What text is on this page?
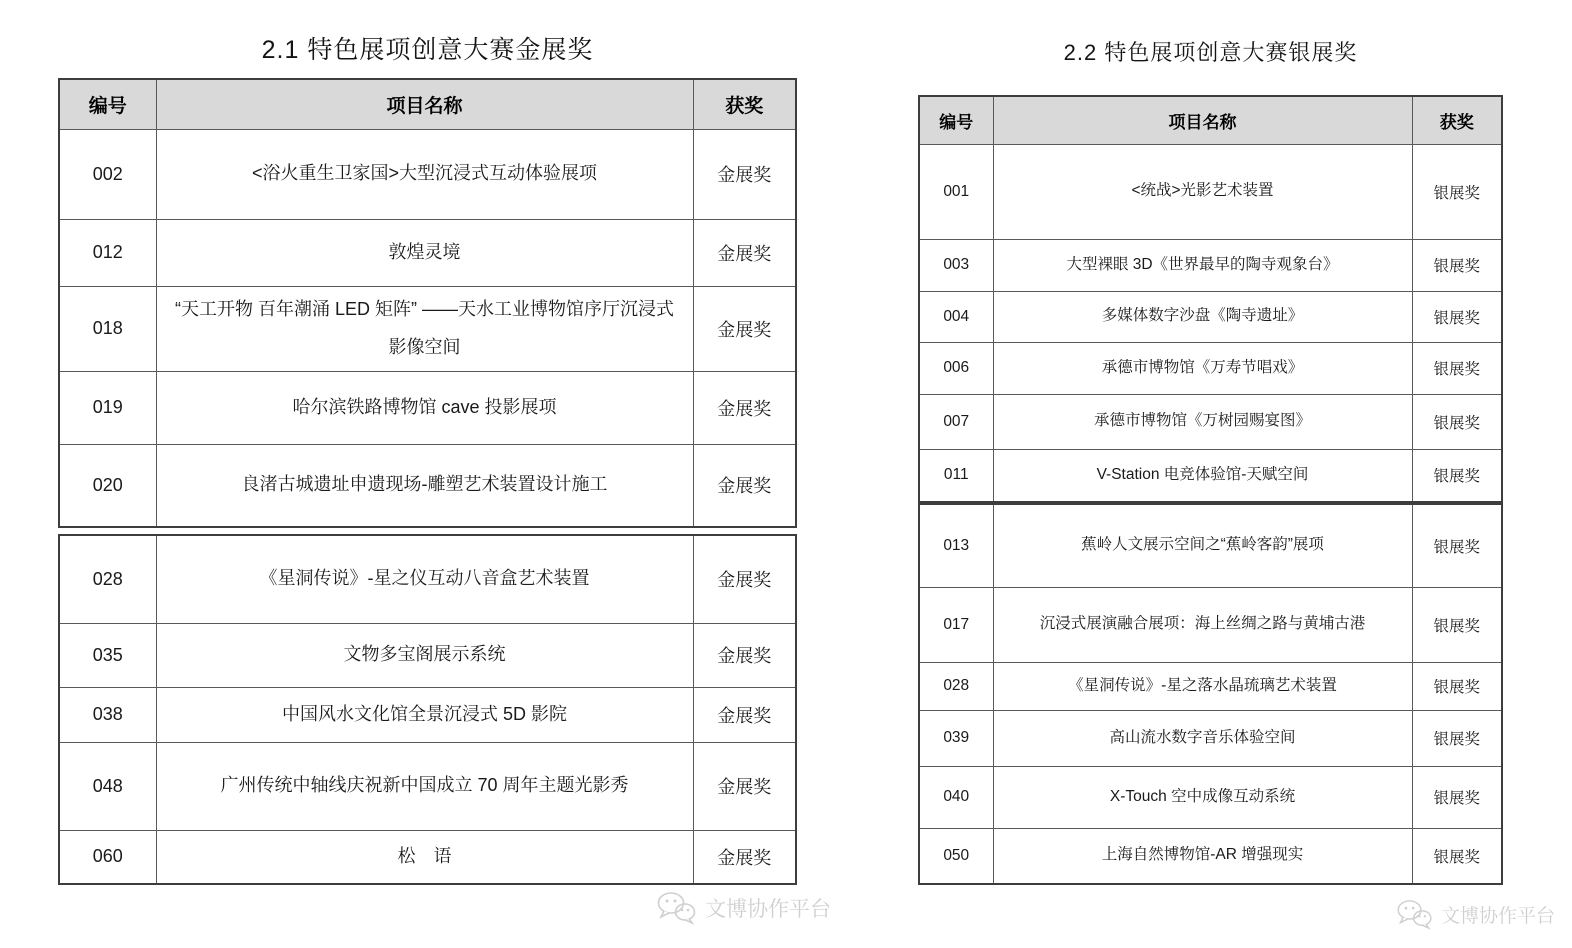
2.1 特色展项创意大赛金展奖	2.2 特色展项创意大赛银展奖
编号	项目名称	获奖
002	<浴火重生卫家国>大型沉浸式互动体验展项	金展奖
012	敦煌灵境	金展奖
018	“天工开物 百年潮涌 LED 矩阵” ——天水工业博物馆序厅沉浸式影像空间	金展奖
019	哈尔滨铁路博物馆 cave 投影展项	金展奖
020	良渚古城遗址申遗现场-雕塑艺术装置设计施工	金展奖
028	《星洞传说》-星之仪互动八音盒艺术装置	金展奖
035	文物多宝阁展示系统	金展奖
038	中国风水文化馆全景沉浸式 5D 影院	金展奖
048	广州传统中轴线庆祝新中国成立 70 周年主题光影秀	金展奖
060	松　语	金展奖
编号	项目名称	获奖
001	<统战>光影艺术装置	银展奖
003	大型裸眼 3D《世界最早的陶寺观象台》	银展奖
004	多媒体数字沙盘《陶寺遗址》	银展奖
006	承德市博物馆《万寿节唱戏》	银展奖
007	承德市博物馆《万树园赐宴图》	银展奖
011	V-Station 电竞体验馆-天赋空间	银展奖
013	蕉岭人文展示空间之“蕉岭客韵”展项	银展奖
017	沉浸式展演融合展项：海上丝绸之路与黄埔古港	银展奖
028	《星洞传说》-星之落水晶琉璃艺术装置	银展奖
039	高山流水数字音乐体验空间	银展奖
040	X-Touch 空中成像互动系统	银展奖
050	上海自然博物馆-AR 增强现实	银展奖
文博协作平台	文博协作平台
